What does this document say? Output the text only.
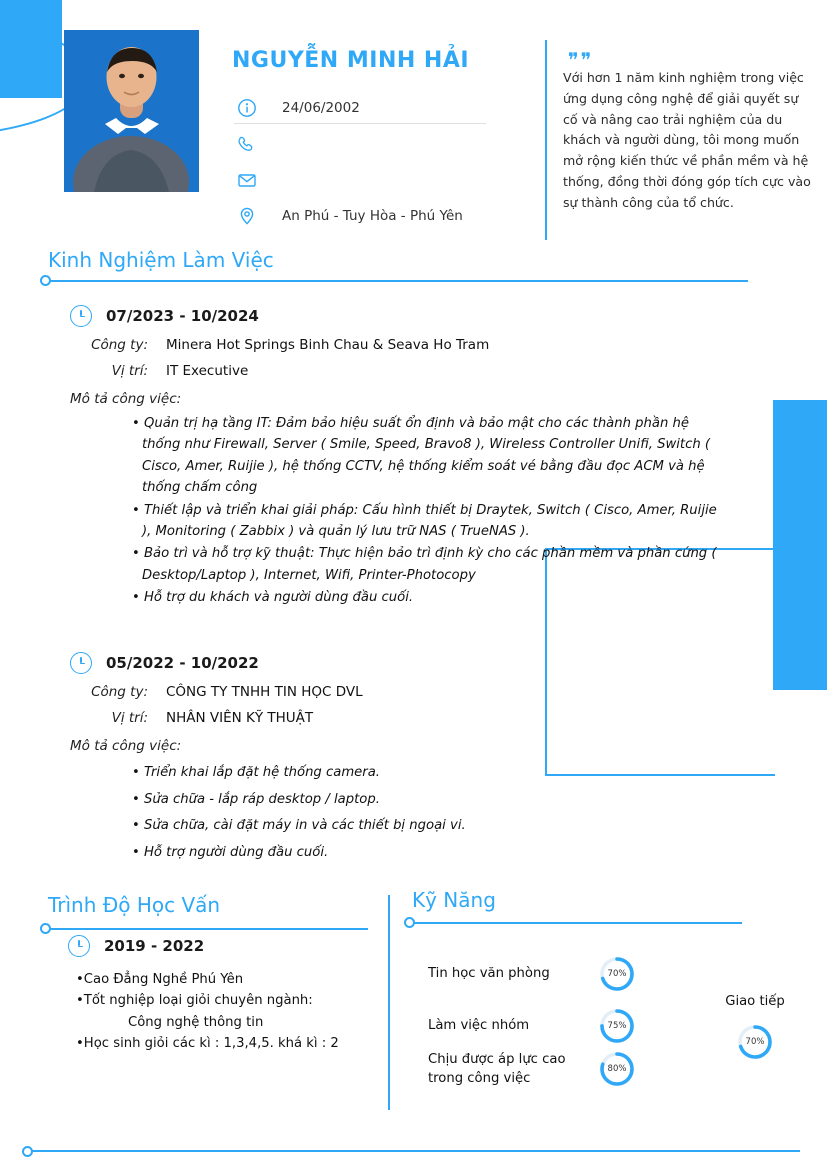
NGUYỄN MINH HẢI
24/06/2002
An Phú - Tuy Hòa - Phú Yên
❞❞
Với hơn 1 năm kinh nghiệm trong việc ứng dụng công nghệ để giải quyết sự cố và nâng cao trải nghiệm của du khách và người dùng, tôi mong muốn mở rộng kiến thức về phần mềm và hệ thống, đồng thời đóng góp tích cực vào sự thành công của tổ chức.
Kinh Nghiệm Làm Việc
07/2023 - 10/2024
Công ty: Minera Hot Springs Binh Chau & Seava Ho Tram
Vị trí: IT Executive
Mô tả công việc:
• Quản trị hạ tầng IT: Đảm bảo hiệu suất ổn định và bảo mật cho các thành phần hệ thống như Firewall, Server ( Smile, Speed, Bravo8 ), Wireless Controller Unifi, Switch ( Cisco, Amer, Ruijie ), hệ thống CCTV, hệ thống kiểm soát vé bằng đầu đọc ACM và hệ thống chấm công
• Thiết lập và triển khai giải pháp: Cấu hình thiết bị Draytek, Switch ( Cisco, Amer, Ruijie ), Monitoring ( Zabbix ) và quản lý lưu trữ NAS ( TrueNAS ).
• Bảo trì và hỗ trợ kỹ thuật: Thực hiện bảo trì định kỳ cho các phần mềm và phần cứng ( Desktop/Laptop ), Internet, Wifi, Printer-Photocopy
• Hỗ trợ du khách và người dùng đầu cuối.
05/2022 - 10/2022
Công ty: CÔNG TY TNHH TIN HỌC DVL
Vị trí: NHÂN VIÊN KỸ THUẬT
Mô tả công việc:
• Triển khai lắp đặt hệ thống camera.
• Sửa chữa - lắp ráp desktop / laptop.
• Sửa chữa, cài đặt máy in và các thiết bị ngoại vi.
• Hỗ trợ người dùng đầu cuối.
Trình Độ Học Vấn
2019 - 2022
•Cao Đẳng Nghề Phú Yên
•Tốt nghiệp loại giỏi chuyên ngành:
Công nghệ thông tin
•Học sinh giỏi các kì : 1,3,4,5. khá kì : 2
Kỹ Năng
Tin học văn phòng	70%
Làm việc nhóm	75%
Chịu được áp lực cao trong công việc
80%
Giao tiếp
70%
